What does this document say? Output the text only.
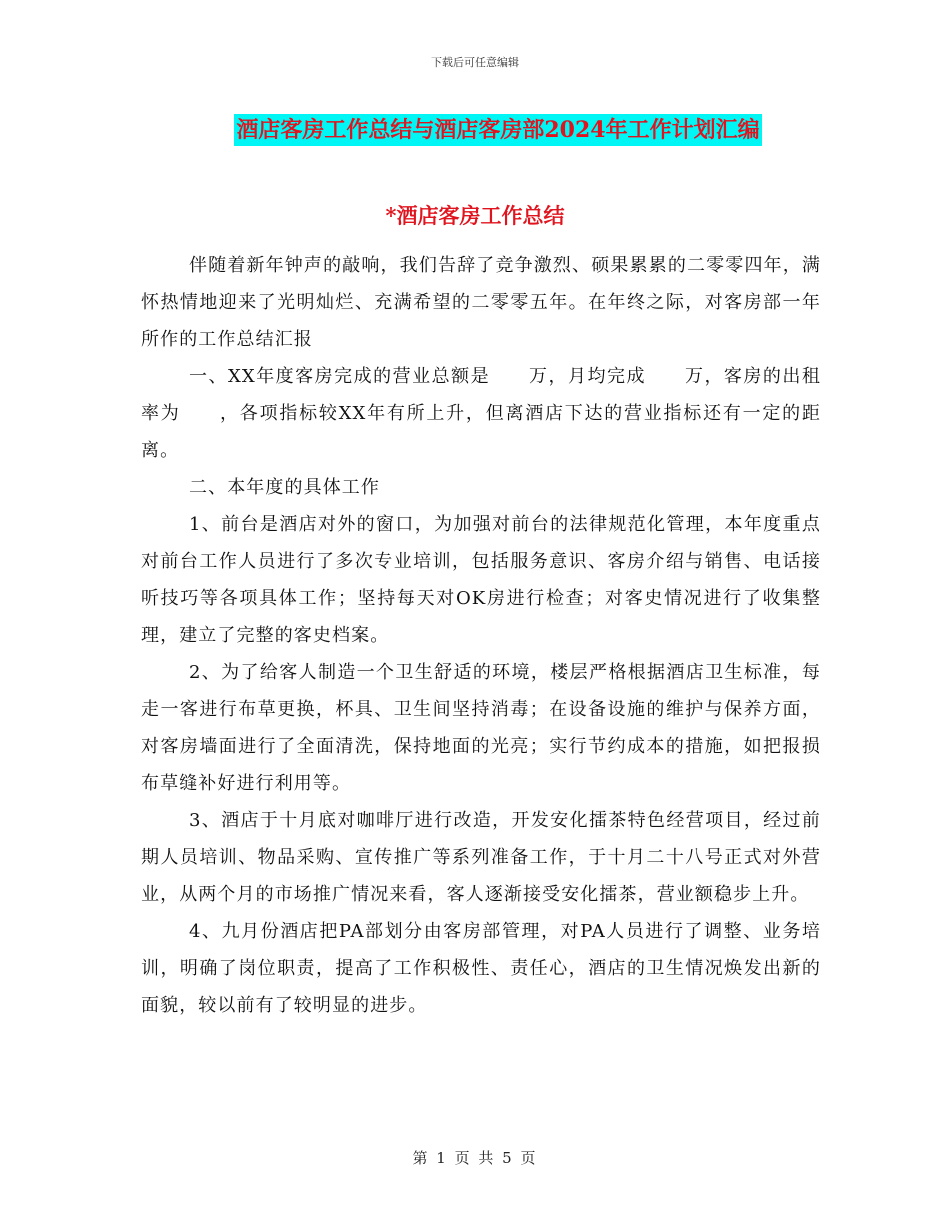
下载后可任意编辑
酒店客房工作总结与酒店客房部2024年工作计划汇编
*酒店客房工作总结

伴随着新年钟声的敲响，我们告辞了竞争激烈、硕果累累的二零零四年，满怀热情地迎来了光明灿烂、充满希望的二零零五年。在年终之际，对客房部一年所作的工作总结汇报

一、XX年度客房完成的营业总额是　　万，月均完成　　万，客房的出租率为　　，各项指标较XX年有所上升，但离酒店下达的营业指标还有一定的距离。

二、本年度的具体工作

1、前台是酒店对外的窗口，为加强对前台的法律规范化管理，本年度重点对前台工作人员进行了多次专业培训，包括服务意识、客房介绍与销售、电话接听技巧等各项具体工作；坚持每天对OK房进行检查；对客史情况进行了收集整理，建立了完整的客史档案。

2、为了给客人制造一个卫生舒适的环境，楼层严格根据酒店卫生标准，每走一客进行布草更换，杯具、卫生间坚持消毒；在设备设施的维护与保养方面，对客房墙面进行了全面清洗，保持地面的光亮；实行节约成本的措施，如把报损布草缝补好进行利用等。

3、酒店于十月底对咖啡厅进行改造，开发安化擂茶特色经营项目，经过前期人员培训、物品采购、宣传推广等系列准备工作，于十月二十八号正式对外营业，从两个月的市场推广情况来看，客人逐渐接受安化擂茶，营业额稳步上升。

4、九月份酒店把PA部划分由客房部管理，对PA人员进行了调整、业务培训，明确了岗位职责，提高了工作积极性、责任心，酒店的卫生情况焕发出新的面貌，较以前有了较明显的进步。

第 1 页 共 5 页
